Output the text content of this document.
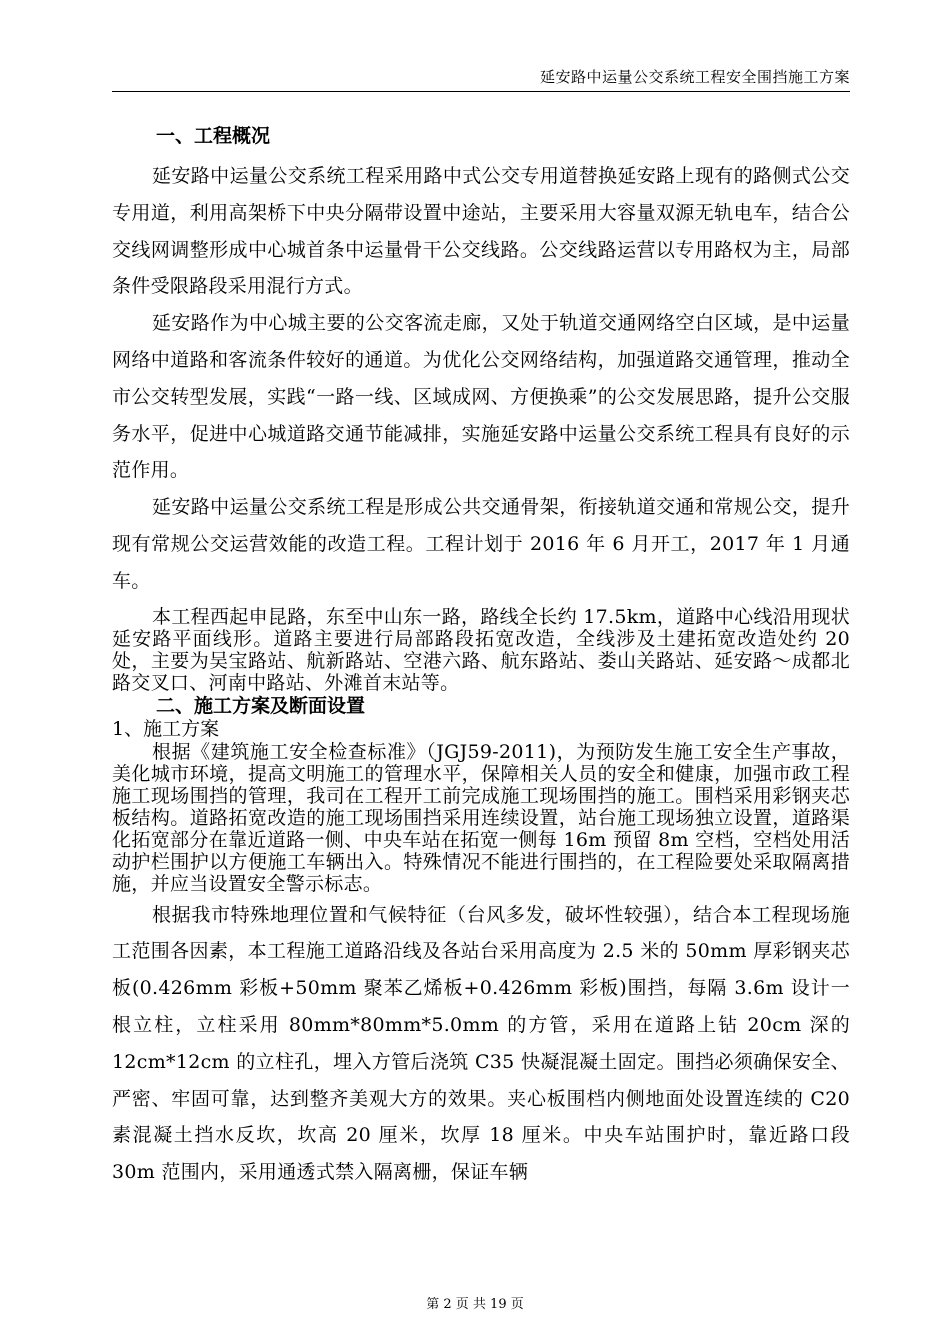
延安路中运量公交系统工程安全围挡施工方案
一、工程概况

延安路中运量公交系统工程采用路中式公交专用道替换延安路上现有的路侧式公交专用道，利用高架桥下中央分隔带设置中途站，主要采用大容量双源无轨电车，结合公交线网调整形成中心城首条中运量骨干公交线路。公交线路运营以专用路权为主，局部条件受限路段采用混行方式。

延安路作为中心城主要的公交客流走廊，又处于轨道交通网络空白区域，是中运量网络中道路和客流条件较好的通道。为优化公交网络结构，加强道路交通管理，推动全市公交转型发展，实践“一路一线、区域成网、方便换乘”的公交发展思路，提升公交服务水平，促进中心城道路交通节能减排，实施延安路中运量公交系统工程具有良好的示范作用。

延安路中运量公交系统工程是形成公共交通骨架，衔接轨道交通和常规公交，提升现有常规公交运营效能的改造工程。工程计划于 2016 年 6 月开工，2017 年 1 月通车。

本工程西起申昆路，东至中山东一路，路线全长约 17.5km，道路中心线沿用现状延安路平面线形。道路主要进行局部路段拓宽改造，全线涉及土建拓宽改造处约 20 处，主要为吴宝路站、航新路站、空港六路、航东路站、娄山关路站、延安路～成都北路交叉口、河南中路站、外滩首末站等。

二、施工方案及断面设置
1、施工方案

根据《建筑施工安全检查标准》（JGJ59-2011)，为预防发生施工安全生产事故，美化城市环境，提高文明施工的管理水平，保障相关人员的安全和健康，加强市政工程施工现场围挡的管理，我司在工程开工前完成施工现场围挡的施工。围档采用彩钢夹芯板结构。道路拓宽改造的施工现场围挡采用连续设置，站台施工现场独立设置，道路渠化拓宽部分在靠近道路一侧、中央车站在拓宽一侧每 16m 预留 8m 空档，空档处用活动护栏围护以方便施工车辆出入。特殊情况不能进行围挡的，在工程险要处采取隔离措施，并应当设置安全警示标志。

根据我市特殊地理位置和气候特征（台风多发，破坏性较强），结合本工程现场施工范围各因素，本工程施工道路沿线及各站台采用高度为 2.5 米的 50mm 厚彩钢夹芯板(0.426mm 彩板+50mm 聚苯乙烯板+0.426mm 彩板)围挡，每隔 3.6m 设计一根立柱，立柱采用 80mm*80mm*5.0mm 的方管，采用在道路上钻 20cm 深的 12cm*12cm 的立柱孔，埋入方管后浇筑 C35 快凝混凝土固定。围挡必须确保安全、严密、牢固可靠，达到整齐美观大方的效果。夹心板围档内侧地面处设置连续的 C20 素混凝土挡水反坎，坎高 20 厘米，坎厚 18 厘米。中央车站围护时，靠近路口段 30m 范围内，采用通透式禁入隔离栅，保证车辆

第 2 页 共 19 页
